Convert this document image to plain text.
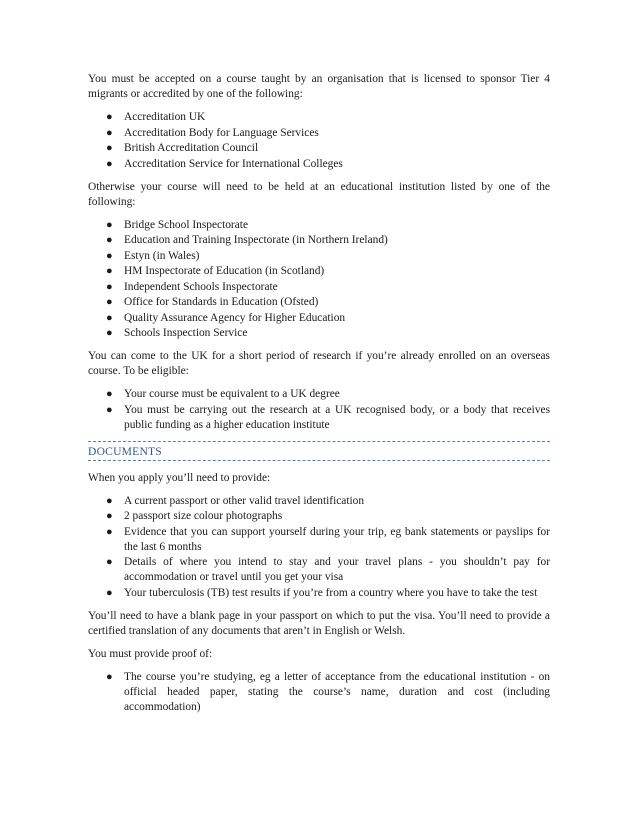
You must be accepted on a course taught by an organisation that is licensed to sponsor Tier 4 migrants or accredited by one of the following:

● Accreditation UK
● Accreditation Body for Language Services
● British Accreditation Council
● Accreditation Service for International Colleges

Otherwise your course will need to be held at an educational institution listed by one of the following:

● Bridge School Inspectorate
● Education and Training Inspectorate (in Northern Ireland)
● Estyn (in Wales)
● HM Inspectorate of Education (in Scotland)
● Independent Schools Inspectorate
● Office for Standards in Education (Ofsted)
● Quality Assurance Agency for Higher Education
● Schools Inspection Service

You can come to the UK for a short period of research if you’re already enrolled on an overseas course. To be eligible:

● Your course must be equivalent to a UK degree
● You must be carrying out the research at a UK recognised body, or a body that receives public funding as a higher education institute
DOCUMENTS

When you apply you’ll need to provide:

● A current passport or other valid travel identification
● 2 passport size colour photographs
● Evidence that you can support yourself during your trip, eg bank statements or payslips for the last 6 months
● Details of where you intend to stay and your travel plans - you shouldn’t pay for accommodation or travel until you get your visa
● Your tuberculosis (TB) test results if you’re from a country where you have to take the test

You’ll need to have a blank page in your passport on which to put the visa. You’ll need to provide a certified translation of any documents that aren’t in English or Welsh.

You must provide proof of:

● The course you’re studying, eg a letter of acceptance from the educational institution - on official headed paper, stating the course’s name, duration and cost (including accommodation)
